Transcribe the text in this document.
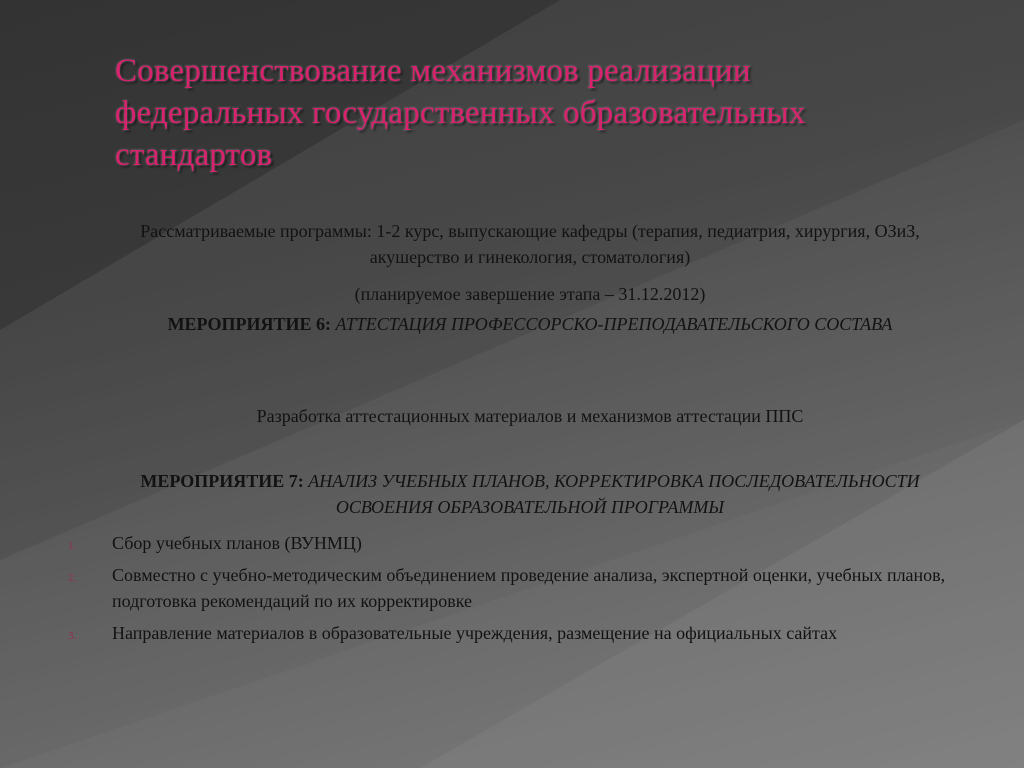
Совершенствование механизмов реализации федеральных государственных образовательных стандартов
Рассматриваемые программы: 1-2 курс, выпускающие кафедры (терапия, педиатрия, хирургия, ОЗиЗ, акушерство и гинекология, стоматология)
(планируемое завершение этапа – 31.12.2012)
МЕРОПРИЯТИЕ 6: АТТЕСТАЦИЯ ПРОФЕССОРСКО-ПРЕПОДАВАТЕЛЬСКОГО СОСТАВА
Разработка аттестационных материалов и механизмов аттестации ППС
МЕРОПРИЯТИЕ 7: АНАЛИЗ УЧЕБНЫХ ПЛАНОВ, КОРРЕКТИРОВКА ПОСЛЕДОВАТЕЛЬНОСТИ ОСВОЕНИЯ ОБРАЗОВАТЕЛЬНОЙ ПРОГРАММЫ
1. Сбор учебных планов (ВУНМЦ)
2. Совместно с учебно-методическим объединением проведение анализа, экспертной оценки, учебных планов, подготовка рекомендаций по их корректировке
3. Направление материалов в образовательные учреждения, размещение на официальных сайтах
